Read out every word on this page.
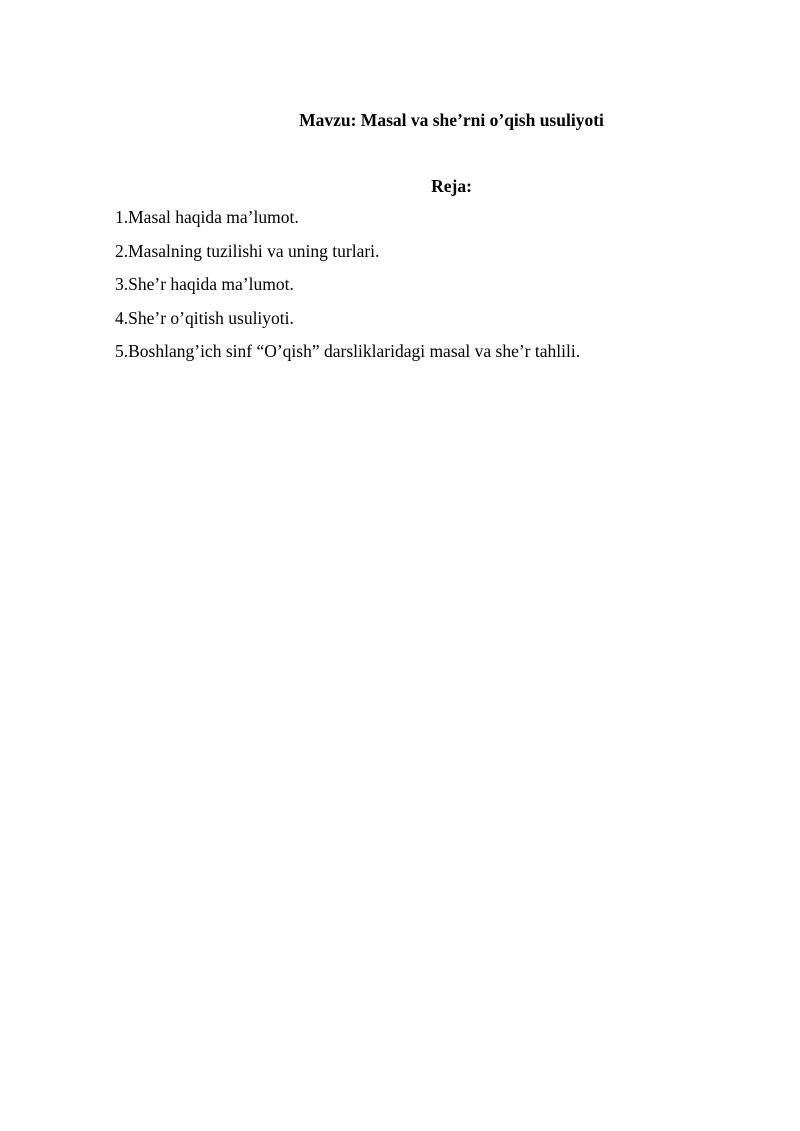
Mavzu: Masal va she’rni o’qish usuliyoti
Reja:
1.Masal haqida ma’lumot.
2.Masalning tuzilishi va uning turlari.
3.She’r haqida ma’lumot.
4.She’r o’qitish usuliyoti.
5.Boshlang’ich sinf “O’qish” darsliklaridagi masal va she’r tahlili.
